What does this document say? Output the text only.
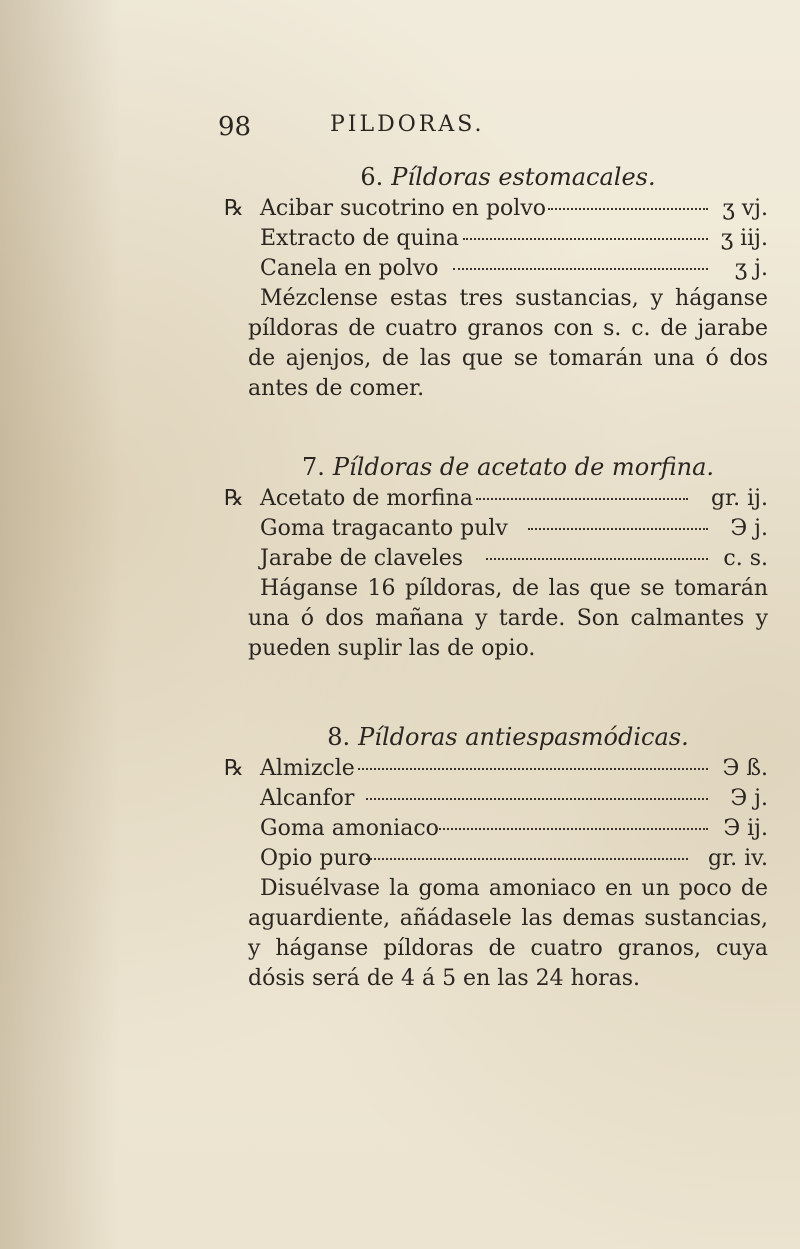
98	PILDORAS.
6. Píldoras estomacales.
℞ Acibar sucotrino en polvo	ʒ vj.
Extracto de quina	ʒ iij.
Canela en polvo	ʒ j.

Mézclense estas tres sustancias, y háganse píldoras de cuatro granos con s. c. de jarabe de ajenjos, de las que se tomarán una ó dos antes de comer.

7. Píldoras de acetato de morfina.
℞ Acetato de morfina	gr. ij.
Goma tragacanto pulv	Э j.
Jarabe de claveles	c. s.

Háganse 16 píldoras, de las que se tomarán una ó dos mañana y tarde. Son calmantes y pueden suplir las de opio.

8. Píldoras antiespasmódicas.
℞ Almizcle	Э ß.
Alcanfor	Э j.
Goma amoniaco	Э ij.
Opio puro	gr. iv.

Disuélvase la goma amoniaco en un poco de aguardiente, añádasele las demas sustancias, y háganse píldoras de cuatro granos, cuya dósis será de 4 á 5 en las 24 horas.
